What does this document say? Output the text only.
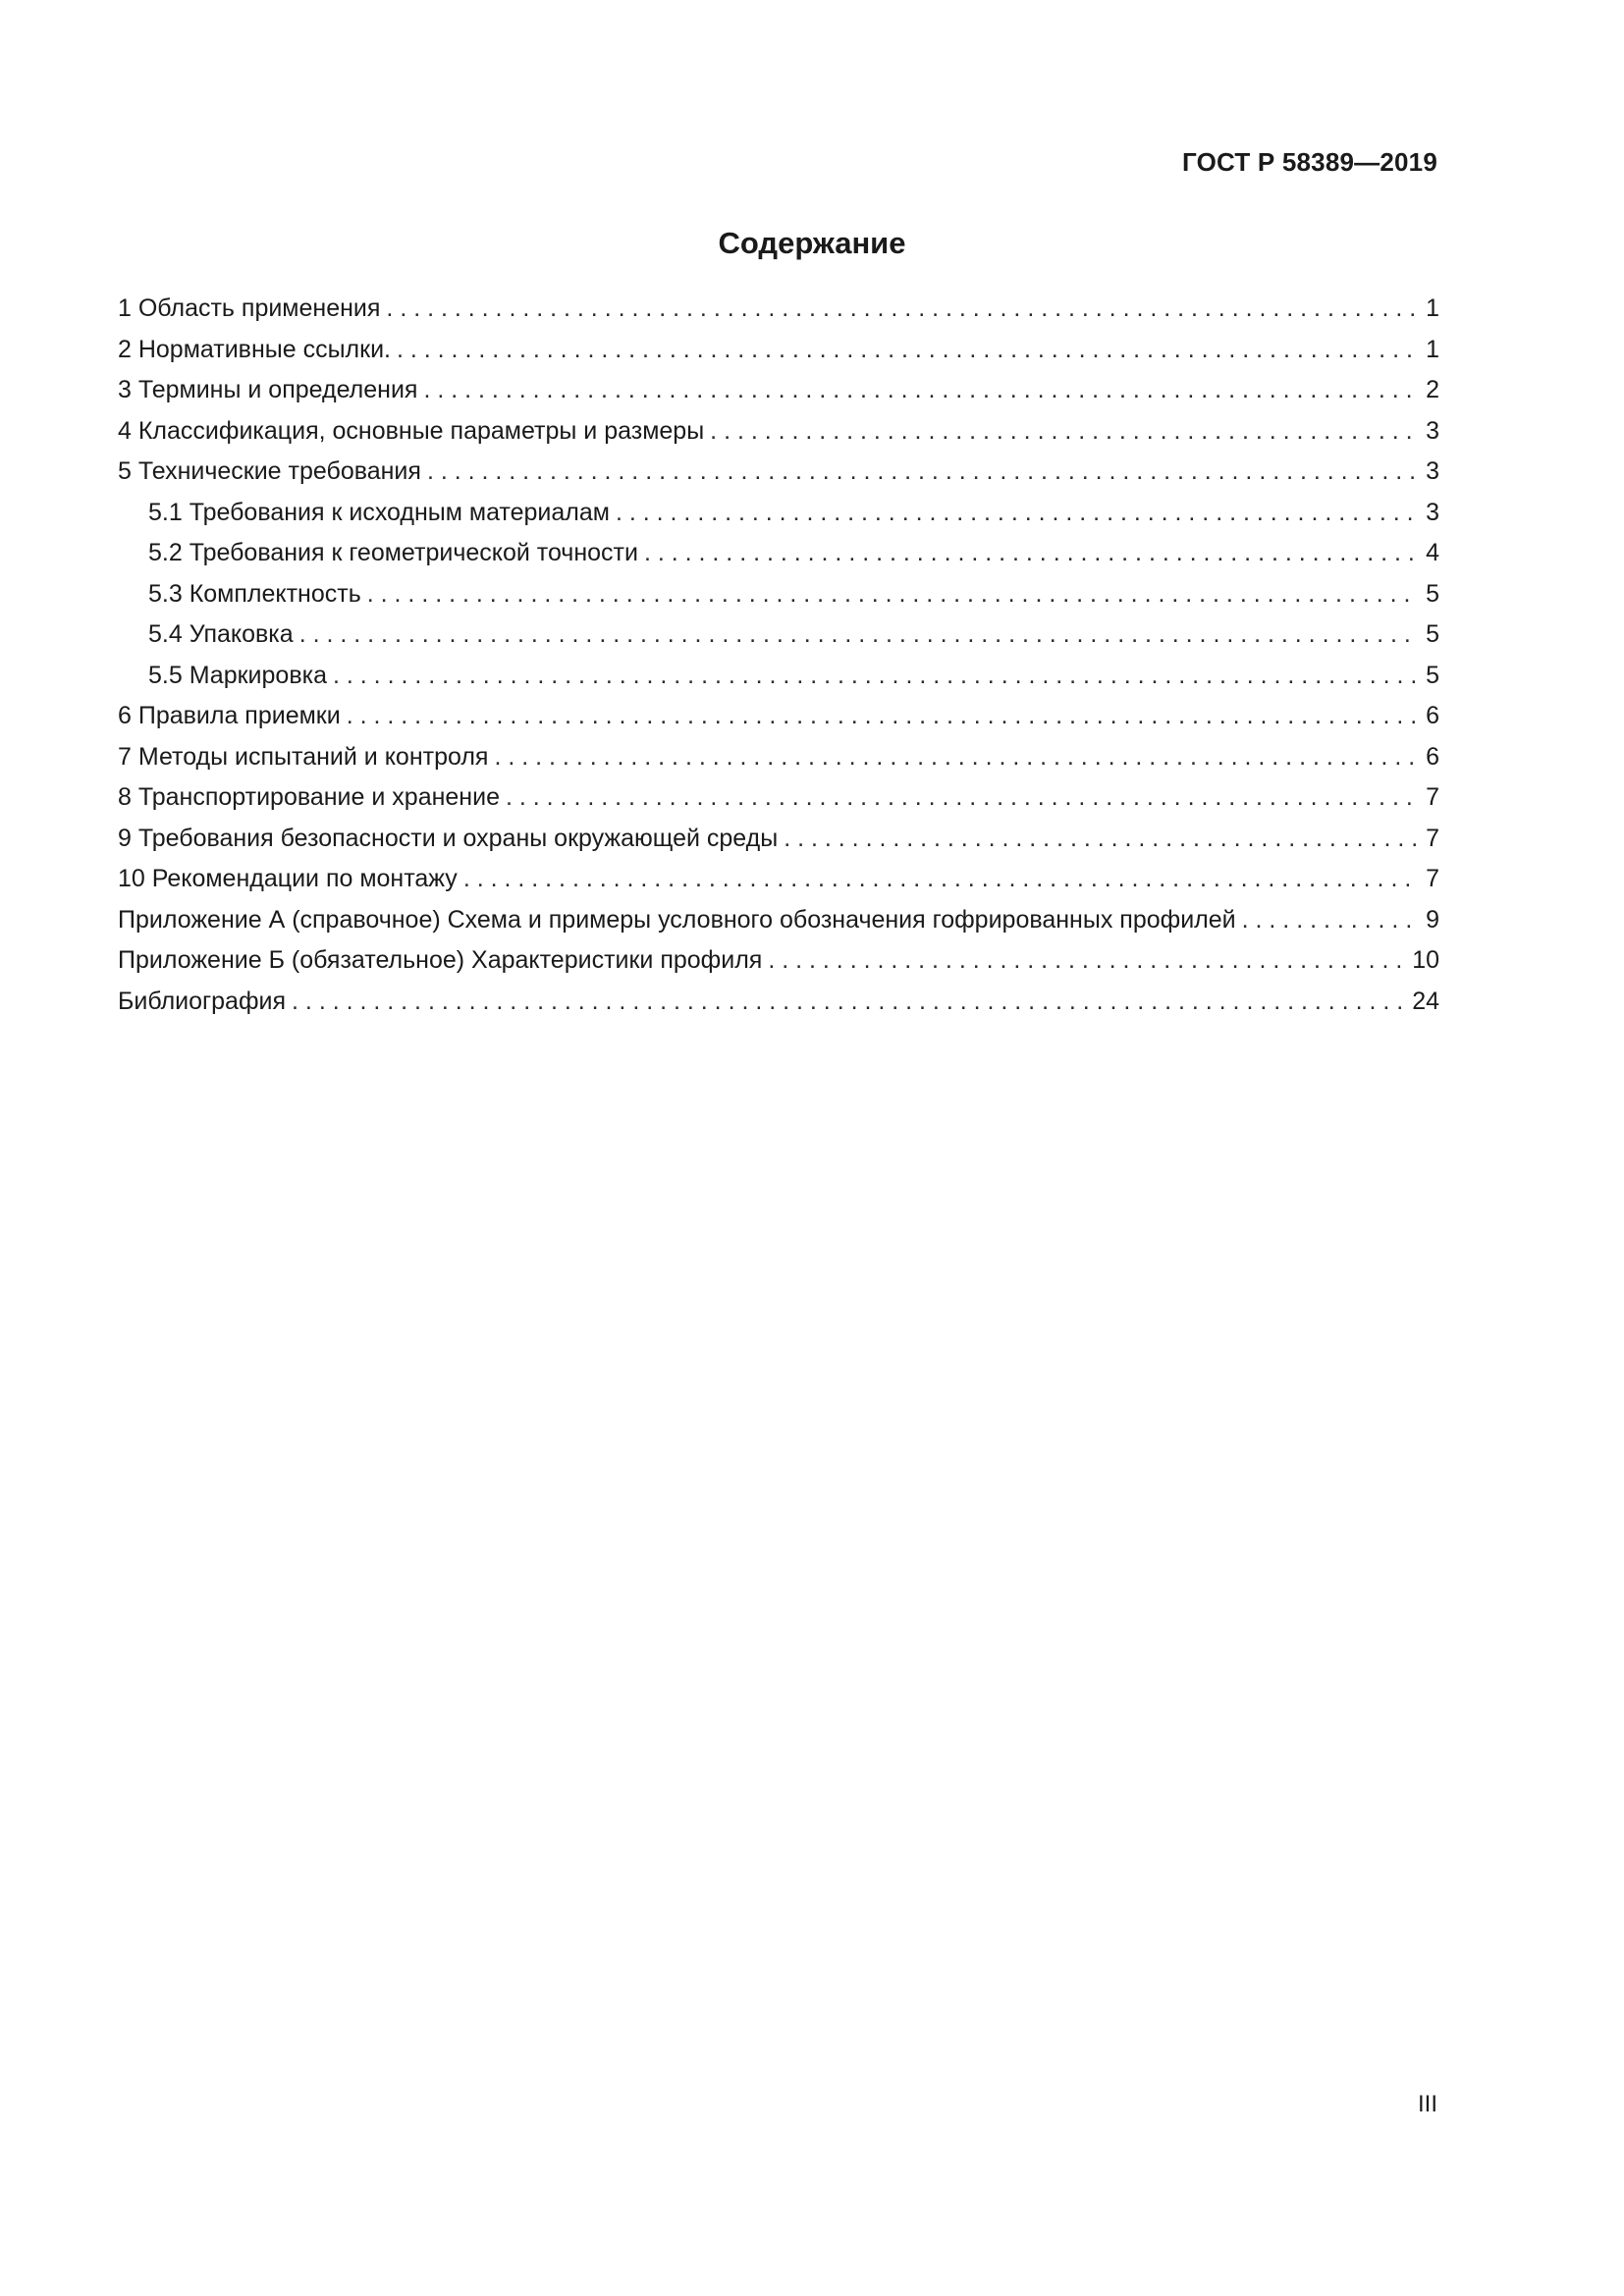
ГОСТ Р 58389—2019
Содержание
1 Область применения . . .	1
2 Нормативные ссылки. . . .	1
3 Термины и определения . . .	2
4 Классификация, основные параметры и размеры . . .	3
5 Технические требования . . .	3
5.1 Требования к исходным материалам . . .	3
5.2 Требования к геометрической точности . . .	4
5.3 Комплектность . . .	5
5.4 Упаковка . . .	5
5.5 Маркировка . . .	5
6 Правила приемки . . .	6
7 Методы испытаний и контроля . . .	6
8 Транспортирование и хранение . . .	7
9 Требования безопасности и охраны окружающей среды . . .	7
10 Рекомендации по монтажу . . .	7
Приложение А (справочное) Схема и примеры условного обозначения гофрированных профилей . . .	9
Приложение Б (обязательное) Характеристики профиля . . .	10
Библиография . . .	24
III
